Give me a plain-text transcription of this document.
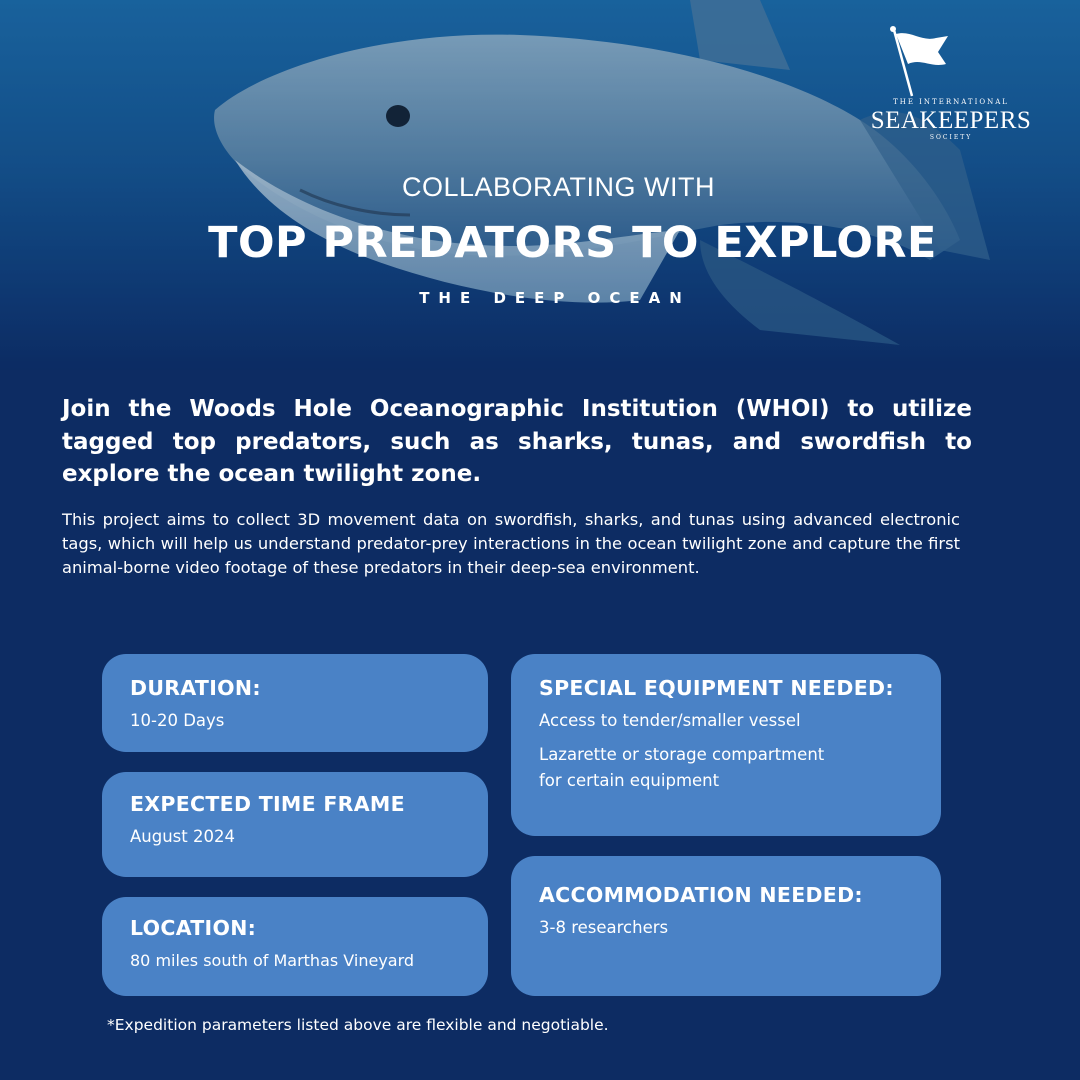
THE INTERNATIONAL
SEAKEEPERS
SOCIETY
COLLABORATING WITH
TOP PREDATORS TO EXPLORE
THE DEEP OCEAN
Join the Woods Hole Oceanographic Institution (WHOI) to utilize tagged top predators, such as sharks, tunas, and swordfish to explore the ocean twilight zone.
This project aims to collect 3D movement data on swordfish, sharks, and tunas using advanced electronic tags, which will help us understand predator-prey interactions in the ocean twilight zone and capture the first animal-borne video footage of these predators in their deep-sea environment.
DURATION:
10-20 Days
EXPECTED TIME FRAME
August 2024
LOCATION:
80 miles south of Marthas Vineyard
SPECIAL EQUIPMENT NEEDED:
Access to tender/smaller vessel
Lazarette or storage compartment
for certain equipment
ACCOMMODATION NEEDED:
3-8 researchers
*Expedition parameters listed above are flexible and negotiable.
